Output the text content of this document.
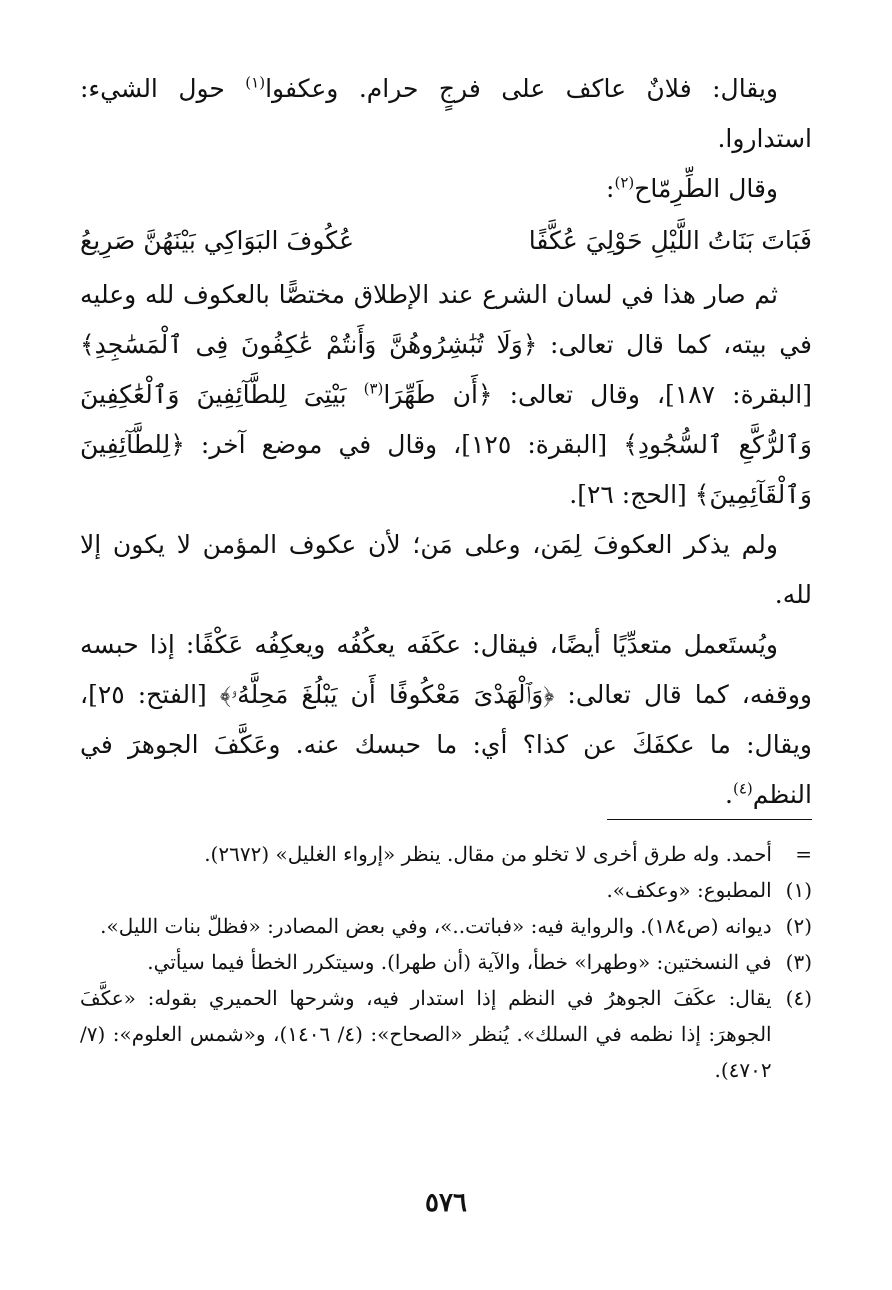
ويقال: فلانٌ عاكف على فرجٍ حرام. وعكفوا$^{(١)}$ حول الشيء: استداروا.

وقال الطِّرِمّاح$^{(٢)}$:

فَبَاتَ بَنَاتُ اللَّيْلِ حَوْلِيَ عُكَّفًا
عُكُوفَ البَوَاكِي بَيْنَهُنَّ صَرِيعُ

ثم صار هذا في لسان الشرع عند الإطلاق مختصًّا بالعكوف لله وعليه في بيته، كما قال تعالى: ﴿وَلَا تُبَٰشِرُوهُنَّ وَأَنتُمْ عَٰكِفُونَ فِى ٱلْمَسَٰجِدِ﴾ [البقرة: ١٨٧]، وقال تعالى: ﴿أَن طَهِّرَا$^{(٣)}$ بَيْتِىَ لِلطَّآئِفِينَ وَٱلْعَٰكِفِينَ وَٱلرُّكَّعِ ٱلسُّجُودِ﴾ [البقرة: ١٢٥]، وقال في موضع آخر: ﴿لِلطَّآئِفِينَ وَٱلْقَآئِمِينَ﴾ [الحج: ٢٦].

ولم يذكر العكوفَ لِمَن، وعلى مَن؛ لأن عكوف المؤمن لا يكون إلا لله.

ويُستَعمل متعدِّيًا أيضًا، فيقال: عكَفَه يعكُفُه ويعكِفُه عَكْفًا: إذا حبسه ووقفه، كما قال تعالى: ﴿وَٱلْهَدْىَ مَعْكُوفًا أَن يَبْلُغَ مَحِلَّهُۥ﴾ [الفتح: ٢٥]، ويقال: ما عكفَكَ عن كذا؟ أي: ما حبسك عنه. وعَكَّفَ الجوهرَ في النظم$^{(٤)}$.

=
أحمد. وله طرق أخرى لا تخلو من مقال. ينظر «إرواء الغليل» (٢٦٧٢).

(١)
المطبوع: «وعكف».

(٢)
ديوانه (ص١٨٤). والرواية فيه: «فباتت..»، وفي بعض المصادر: «فظلّ بنات الليل».

(٣)
في النسختين: «وطهرا» خطأ، والآية (أن طهرا). وسيتكرر الخطأ فيما سيأتي.

(٤)
يقال: عكَفَ الجوهرُ في النظم إذا استدار فيه، وشرحها الحميري بقوله: «عكَّفَ الجوهرَ: إذا نظمه في السلك». يُنظر «الصحاح»: (٤/ ١٤٠٦)، و«شمس العلوم»: (٧/ ٤٧٠٢).

٥٧٦
